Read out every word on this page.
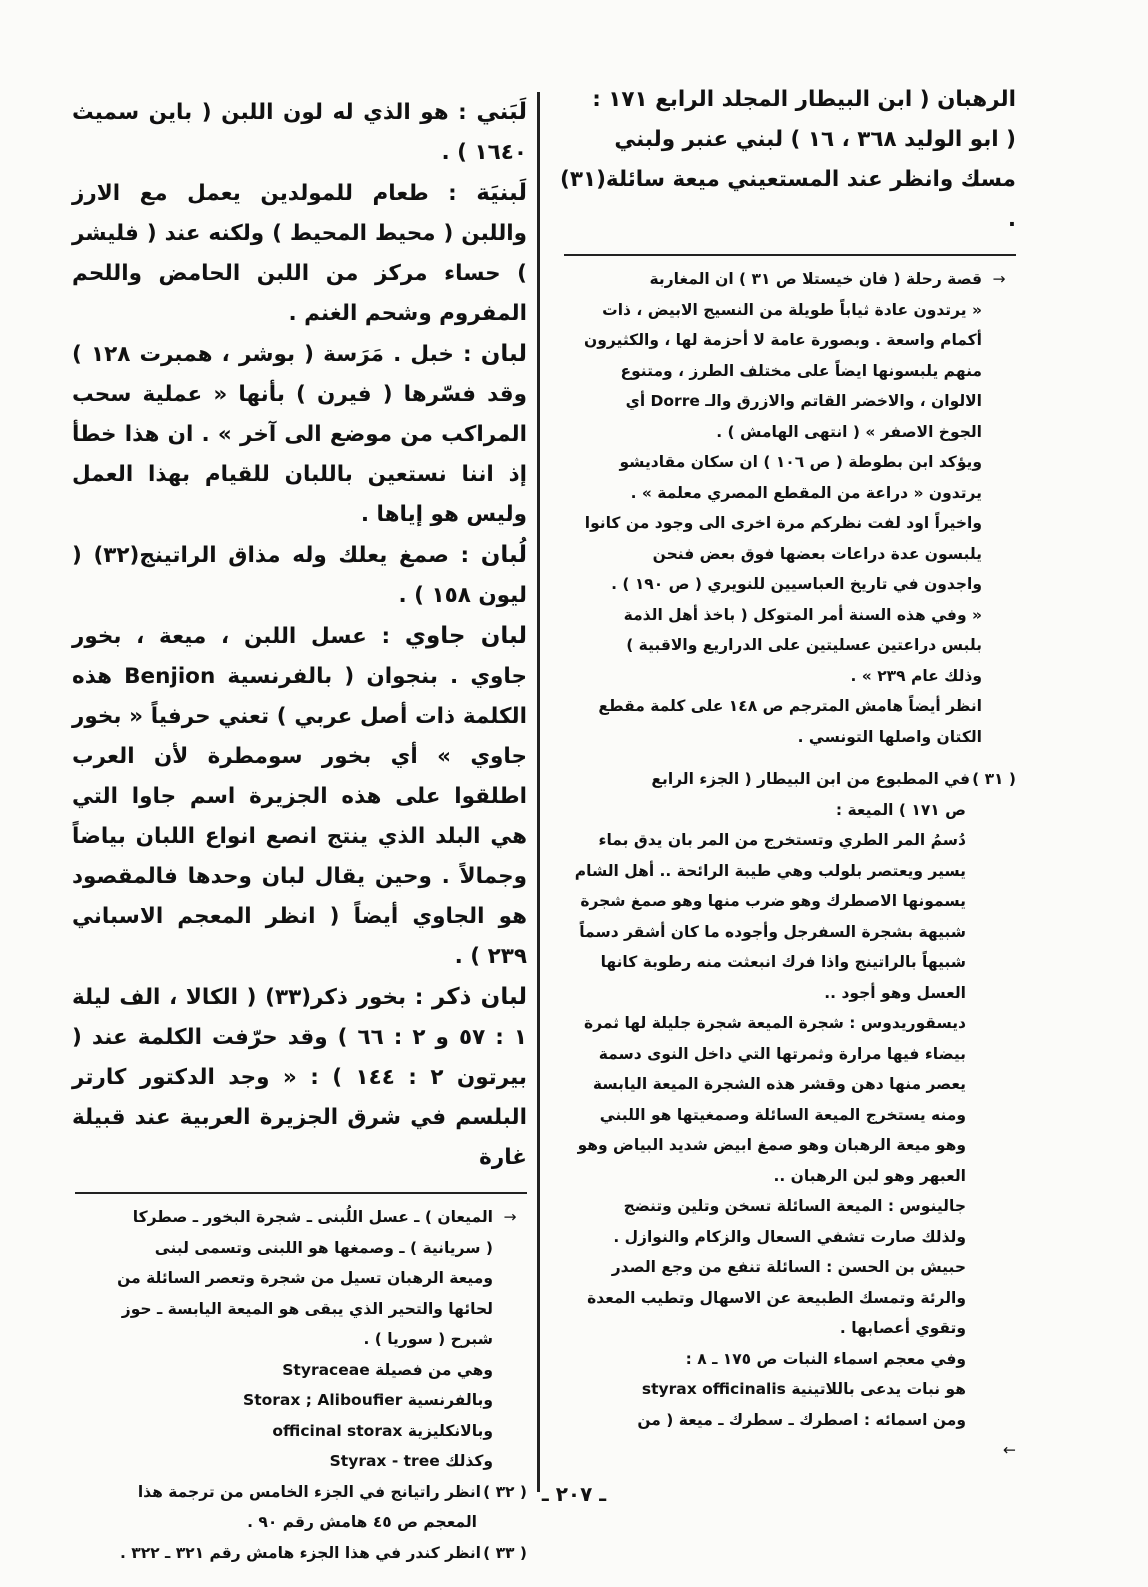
الرهبان ( ابن البيطار المجلد الرابع ١٧١ :

( ابو الوليد ٣٦٨ ، ١٦ ) لبني عنبر ولبني

مسك وانظر عند المستعيني ميعة سائلة(٣١) .

→قصة رحلة ( فان خيستلا ص ٣١ ) ان المغاربة

« يرتدون عادة ثياباً طويلة من النسيج الابيض ، ذات

أكمام واسعة . وبصورة عامة لا أحزمة لها ، والكثيرون

منهم يلبسونها ايضاً على مختلف الطرز ، ومتنوع

الالوان ، والاخضر القاتم والازرق والـ Dorre أي

الجوخ الاصفر » ( انتهى الهامش ) .

ويؤكد ابن بطوطة ( ص ١٠٦ ) ان سكان مقاديشو

يرتدون « دراعة من المقطع المصري معلمة » .

واخيراً اود لفت نظركم مرة اخرى الى وجود من كانوا

يلبسون عدة دراعات بعضها فوق بعض فنحن

واجدون في تاريخ العباسيين للنويري ( ص ١٩٠ ) .

« وفي هذه السنة أمر المتوكل ( باخذ أهل الذمة

بلبس دراعتين عسليتين على الدراريع والاقبية )

وذلك عام ٢٣٩ » .

انظر أيضاً هامش المترجم ص ١٤٨ على كلمة مقطع

الكتان واصلها التونسي .

( ٣١ )في المطبوع من ابن البيطار ( الجزء الرابع

ص ١٧١ ) الميعة :

دُسمُ المر الطري وتستخرج من المر بان يدق بماء

يسير ويعتصر بلولب وهي طيبة الرائحة .. أهل الشام

يسمونها الاصطرك وهو ضرب منها وهو صمغ شجرة

شبيهة بشجرة السفرجل وأجوده ما كان أشقر دسماً

شبيهاً بالراتينج واذا فرك انبعثت منه رطوبة كانها

العسل وهو أجود ..

ديسقوريدوس : شجرة الميعة شجرة جليلة لها ثمرة

بيضاء فيها مرارة وثمرتها التي داخل النوى دسمة

يعصر منها دهن وقشر هذه الشجرة الميعة اليابسة

ومنه يستخرج الميعة السائلة وصمغيتها هو اللبني

وهو ميعة الرهبان وهو صمغ ابيض شديد البياض وهو

العبهر وهو لبن الرهبان ..

جالينوس : الميعة السائلة تسخن وتلين وتنضج

ولذلك صارت تشفي السعال والزكام والنوازل .

حبيش بن الحسن : السائلة تنفع من وجع الصدر

والرئة وتمسك الطبيعة عن الاسهال وتطيب المعدة

وتقوي أعصابها .

وفي معجم اسماء النبات ص ١٧٥ ـ ٨ :

هو نبات يدعى باللاتينية styrax officinalis

ومن اسمائه : اصطرك ـ سطرك ـ ميعة ( من

←

لَبَني : هو الذي له لون اللبن ( باين سميث ١٦٤٠ ) .

لَبنيَة : طعام للمولدين يعمل مع الارز واللبن ( محيط المحيط ) ولكنه عند ( فليشر ) حساء مركز من اللبن الحامض واللحم المفروم وشحم الغنم .

لبان : خبل . مَرَسة ( بوشر ، همبرت ١٢٨ ) وقد فسّرها ( فيرن ) بأنها « عملية سحب المراكب من موضع الى آخر » . ان هذا خطأ إذ اننا نستعين باللبان للقيام بهذا العمل وليس هو إياها .

لُبان : صمغ يعلك وله مذاق الراتينج(٣٢) ( ليون ١٥٨ ) .

لبان جاوي : عسل اللبن ، ميعة ، بخور جاوي . بنجوان ( بالفرنسية Benjion هذه الكلمة ذات أصل عربي ) تعني حرفياً « بخور جاوي » أي بخور سومطرة لأن العرب اطلقوا على هذه الجزيرة اسم جاوا التي هي البلد الذي ينتج انصع انواع اللبان بياضاً وجمالاً . وحين يقال لبان وحدها فالمقصود هو الجاوي أيضاً ( انظر المعجم الاسباني ٢٣٩ ) .

لبان ذكر : بخور ذكر(٣٣) ( الكالا ، الف ليلة ١ : ٥٧ و ٢ : ٦٦ ) وقد حرّفت الكلمة عند ( بيرتون ٢ : ١٤٤ ) : « وجد الدكتور كارتر البلسم في شرق الجزيرة العربية عند قبيلة غارة

→الميعان ) ـ عسل اللُبنى ـ شجرة البخور ـ صطركا

( سريانية ) ـ وصمغها هو اللبنى وتسمى لبنى

وميعة الرهبان تسيل من شجرة وتعصر السائلة من

لحائها والتحير الذي يبقى هو الميعة اليابسة ـ حوز

شبرح ( سوريا ) .

وهي من فصيلة Styraceae

وبالفرنسية Storax ; Aliboufier

وبالانكليزية officinal storax

وكذلك Styrax - tree

( ٣٢ )انظر راتيانج في الجزء الخامس من ترجمة هذا

المعجم ص ٤٥ هامش رقم ٩٠ .

( ٣٣ )انظر كندر في هذا الجزء هامش رقم ٣٢١ ـ ٣٢٢ .

ـ ٢٠٧ ـ
